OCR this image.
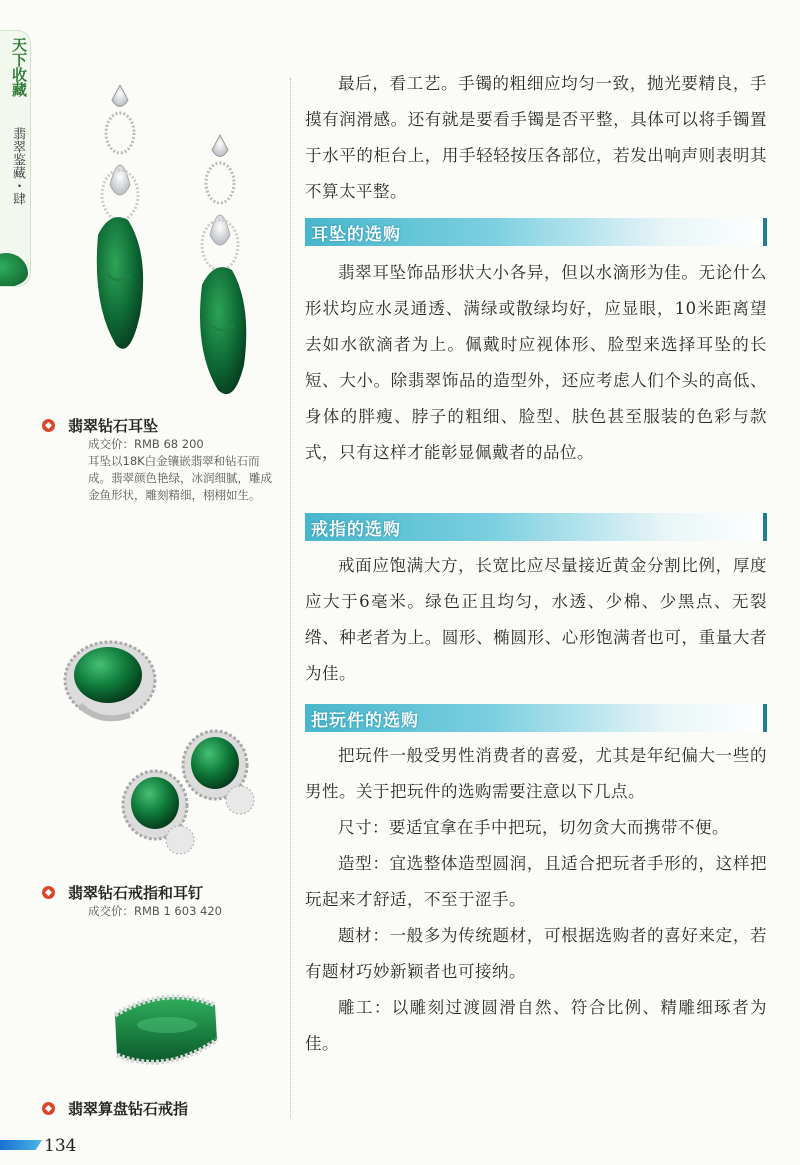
天下收藏
翡翠鉴藏・肆
翡翠钻石耳坠
成交价：RMB 68 200
耳坠以18K白金镶嵌翡翠和钻石而成。翡翠颜色艳绿，冰润细腻，雕成金鱼形状，雕刻精细，栩栩如生。
翡翠钻石戒指和耳钉
成交价：RMB 1 603 420
翡翠算盘钻石戒指

最后，看工艺。手镯的粗细应均匀一致，抛光要精良，手摸有润滑感。还有就是要看手镯是否平整，具体可以将手镯置于水平的柜台上，用手轻轻按压各部位，若发出响声则表明其不算太平整。

耳坠的选购

翡翠耳坠饰品形状大小各异，但以水滴形为佳。无论什么形状均应水灵通透、满绿或散绿均好，应显眼，10米距离望去如水欲滴者为上。佩戴时应视体形、脸型来选择耳坠的长短、大小。除翡翠饰品的造型外，还应考虑人们个头的高低、身体的胖瘦、脖子的粗细、脸型、肤色甚至服装的色彩与款式，只有这样才能彰显佩戴者的品位。

戒指的选购

戒面应饱满大方，长宽比应尽量接近黄金分割比例，厚度应大于6毫米。绿色正且均匀，水透、少棉、少黑点、无裂绺、种老者为上。圆形、椭圆形、心形饱满者也可，重量大者为佳。

把玩件的选购

把玩件一般受男性消费者的喜爱，尤其是年纪偏大一些的男性。关于把玩件的选购需要注意以下几点。

尺寸：要适宜拿在手中把玩，切勿贪大而携带不便。

造型：宜选整体造型圆润，且适合把玩者手形的，这样把玩起来才舒适，不至于涩手。

题材：一般多为传统题材，可根据选购者的喜好来定，若有题材巧妙新颖者也可接纳。

雕工：以雕刻过渡圆滑自然、符合比例、精雕细琢者为佳。

134
